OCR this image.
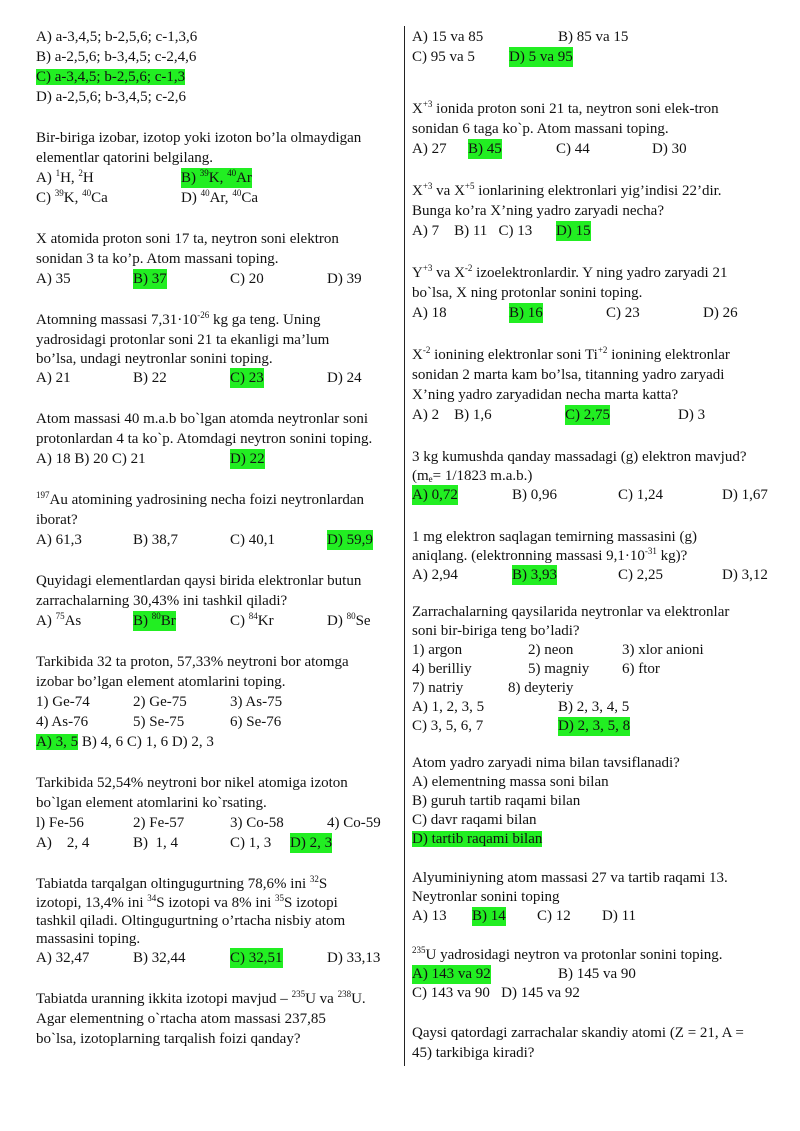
A) a-3,4,5; b-2,5,6; c-1,3,6
B) a-2,5,6; b-3,4,5; c-2,4,6
C) a-3,4,5; b-2,5,6; c-1,3
D) a-2,5,6; b-3,4,5; c-2,6
Bir-biriga izobar, izotop yoki izoton bo’la olmaydigan
elementlar qatorini belgilang.
A) $^1$H, $^2$H	B) $^{39}$K, $^{40}$Ar
C) $^{39}$K, $^{40}$Ca	D) $^{40}$Ar, $^{40}$Ca
X atomida proton soni 17 ta, neytron soni elektron
sonidan 3 ta ko’p. Atom massani toping.
A) 35	B) 37	C) 20	D) 39
Atomning massasi $7,31\cdot 10^{-26}$ kg ga teng. Uning
yadrosidagi protonlar soni 21 ta ekanligi ma’lum
bo’lsa, undagi neytronlar sonini toping.
A) 21	B) 22	C) 23	D) 24
Atom massasi 40 m.a.b bo`lgan atomda neytronlar soni
protonlardan 4 ta ko`p. Atomdagi neytron sonini toping.
A) 18 B) 20 C) 21	D) 22
$^{197}$Au atomining yadrosining necha foizi neytronlardan
iborat?
A) 61,3	B) 38,7	C) 40,1	D) 59,9
Quyidagi elementlardan qaysi birida elektronlar butun
zarrachalarning 30,43% ini tashkil qiladi?
A) $^{75}$As	B) $^{80}$Br	C) $^{84}$Kr	D) $^{80}$Se
Tarkibida 32 ta proton, 57,33% neytroni bor atomga
izobar bo’lgan element atomlarini toping.
1) Ge-74	2) Ge-75	3) As-75
4) As-76	5) Se-75	6) Se-76
A) 3, 5 B) 4, 6 C) 1, 6 D) 2, 3
Tarkibida 52,54% neytroni bor nikel atomiga izoton
bo`lgan element atomlarini ko`rsating.
l) Fe-56	2) Fe-57	3) Co-58	4) Co-59
A)    2, 4	B)  1, 4	C) 1, 3 D) 2, 3
Tabiatda tarqalgan oltingugurtning 78,6% ini $^{32}$S
izotopi, 13,4% ini $^{34}$S izotopi va 8% ini $^{35}$S izotopi
tashkil qiladi. Oltingugurtning o’rtacha nisbiy atom
massasini toping.
A) 32,47	B) 32,44	C) 32,51	D) 33,13
Tabiatda uranning ikkita izotopi mavjud – $^{235}$U va $^{238}$U.
Agar elementning o`rtacha atom massasi 237,85
bo`lsa, izotoplarning tarqalish foizi qanday?
A) 15 va 85	B) 85 va 15
C) 95 va 5 D) 5 va 95
$X^{+3}$ ionida proton soni 21 ta, neytron soni elek-tron
sonidan 6 taga ko`p. Atom massani toping.
A) 27 B) 45	C) 44	D) 30
$X^{+3}$ va $X^{+5}$ ionlarining elektronlari yig’indisi 22’dir.
Bunga ko’ra X’ning yadro zaryadi necha?
A) 7    B) 11   C) 13 D) 15
$Y^{+3}$ va $X^{-2}$ izoelektronlardir. Y ning yadro zaryadi 21
bo`lsa, X ning protonlar sonini toping.
A) 18	B) 16	C) 23	D) 26
$X^{-2}$ ionining elektronlar soni $Ti^{+2}$ ionining elektronlar
sonidan 2 marta kam bo’lsa, titanning yadro zaryadi
X’ning yadro zaryadidan necha marta katta?
A) 2    B) 1,6	C) 2,75	D) 3
3 kg kumushda qanday massadagi (g) elektron mavjud?
($m_e= 1/1823$ m.a.b.)
A) 0,72	B) 0,96	C) 1,24	D) 1,67
1 mg elektron saqlagan temirning massasini (g)
aniqlang. (elektronning massasi $9,1\cdot 10^{-31}$ kg)?
A) 2,94	B) 3,93	C) 2,25	D) 3,12
Zarrachalarning qaysilarida neytronlar va elektronlar
soni bir-biriga teng bo’ladi?
1) argon	2) neon	3) xlor anioni
4) berilliy	5) magniy 6) ftor
7) natriy	8) deyteriy
A) 1, 2, 3, 5	B) 2, 3, 4, 5
C) 3, 5, 6, 7	D) 2, 3, 5, 8
Atom yadro zaryadi nima bilan tavsiflanadi?
A) elementning massa soni bilan
B) guruh tartib raqami bilan
C) davr raqami bilan
D) tartib raqami bilan
Alyuminiyning atom massasi 27 va tartib raqami 13.
Neytronlar sonini toping
A) 13 B) 14 C) 12 D) 11
$^{235}$U yadrosidagi neytron va protonlar sonini toping.
A) 143 va 92	B) 145 va 90
C) 143 va 90   D) 145 va 92
Qaysi qatordagi zarrachalar skandiy atomi (Z = 21, A =
45) tarkibiga kiradi?
